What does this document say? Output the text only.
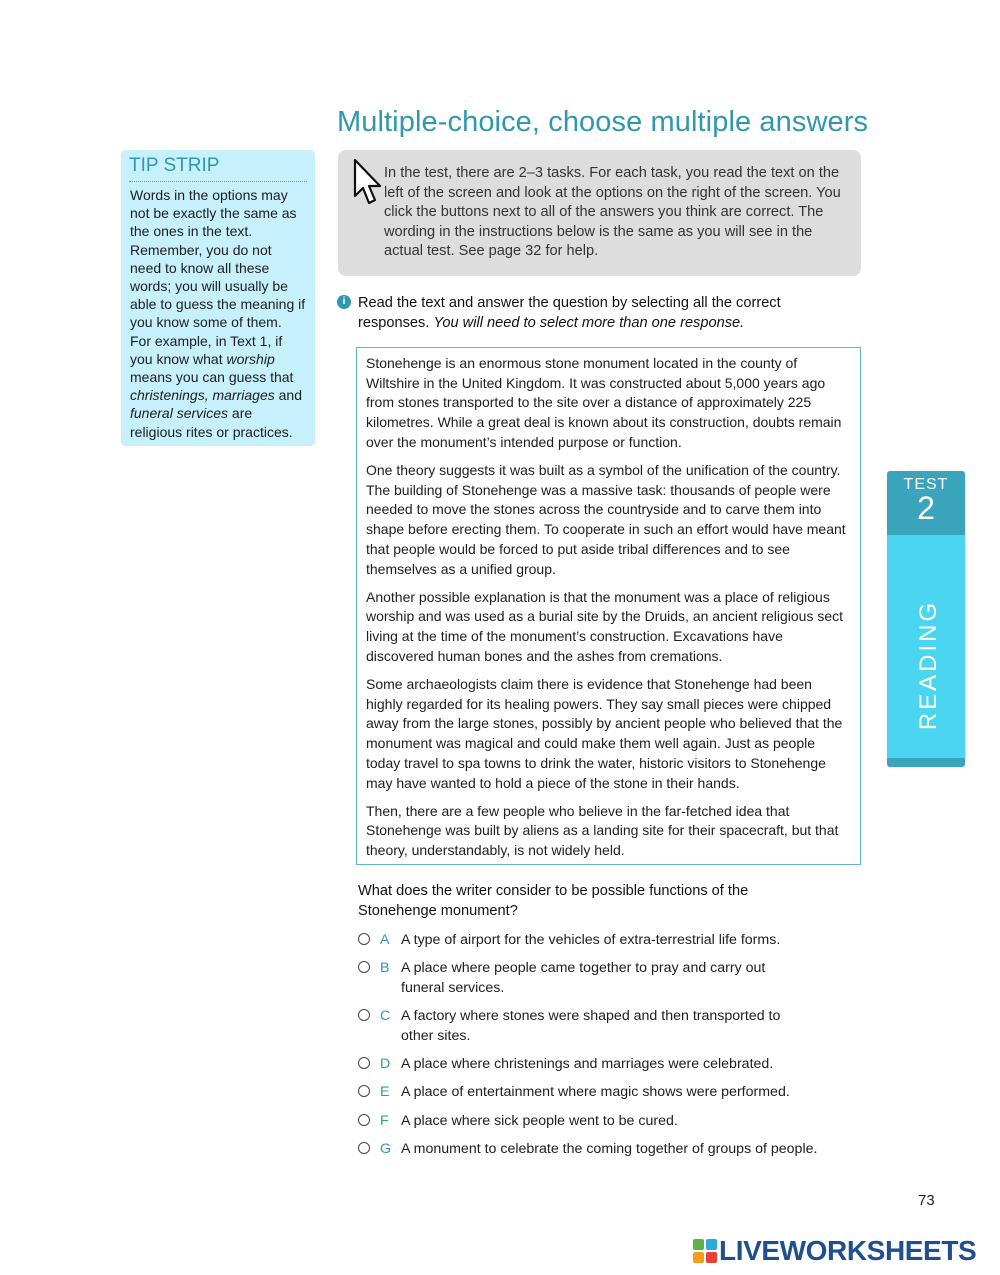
Multiple-choice, choose multiple answers
TIP STRIP
Words in the options may not be exactly the same as the ones in the text. Remember, you do not need to know all these words; you will usually be able to guess the meaning if you know some of them. For example, in Text 1, if you know what worship means you can guess that christenings, marriages and funeral services are religious rites or practices.
In the test, there are 2–3 tasks. For each task, you read the text on the left of the screen and look at the options on the right of the screen. You click the buttons next to all of the answers you think are correct. The wording in the instructions below is the same as you will see in the actual test. See page 32 for help.
i Read the text and answer the question by selecting all the correct responses. You will need to select more than one response.

Stonehenge is an enormous stone monument located in the county of Wiltshire in the United Kingdom. It was constructed about 5,000 years ago from stones transported to the site over a distance of approximately 225 kilometres. While a great deal is known about its construction, doubts remain over the monument’s intended purpose or function.

One theory suggests it was built as a symbol of the unification of the country. The building of Stonehenge was a massive task: thousands of people were needed to move the stones across the countryside and to carve them into shape before erecting them. To cooperate in such an effort would have meant that people would be forced to put aside tribal differences and to see themselves as a unified group.

Another possible explanation is that the monument was a place of religious worship and was used as a burial site by the Druids, an ancient religious sect living at the time of the monument’s construction. Excavations have discovered human bones and the ashes from cremations.

Some archaeologists claim there is evidence that Stonehenge had been highly regarded for its healing powers. They say small pieces were chipped away from the large stones, possibly by ancient people who believed that the monument was magical and could make them well again. Just as people today travel to spa towns to drink the water, historic visitors to Stonehenge may have wanted to hold a piece of the stone in their hands.

Then, there are a few people who believe in the far-fetched idea that Stonehenge was built by aliens as a landing site for their spacecraft, but that theory, understandably, is not widely held.

What does the writer consider to be possible functions of the Stonehenge monument?
A A type of airport for the vehicles of extra-terrestrial life forms.
B A place where people came together to pray and carry out funeral services.
C A factory where stones were shaped and then transported to other sites.
D A place where christenings and marriages were celebrated.
E A place of entertainment where magic shows were performed.
F A place where sick people went to be cured.
G A monument to celebrate the coming together of groups of people.
TEST
2
READING
73
LIVEWORKSHEETS
